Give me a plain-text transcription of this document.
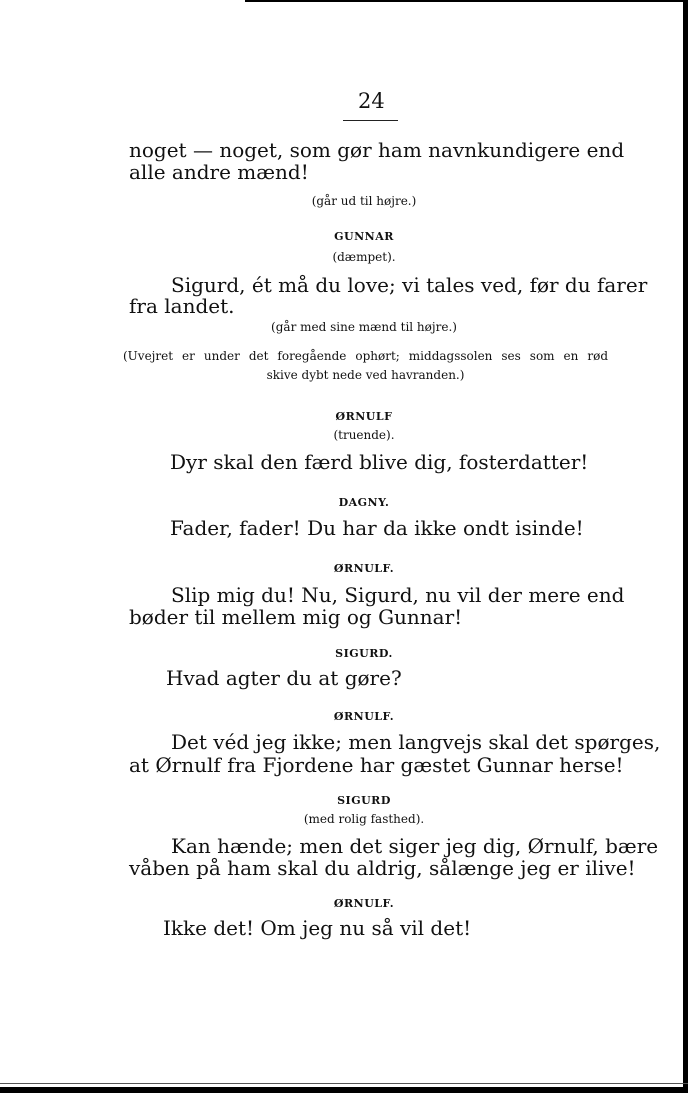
24

noget — noget, som gør ham navnkundigere end

alle andre mænd!

(går ud til højre.)

GUNNAR

(dæmpet).

Sigurd, ét må du love; vi tales ved, før du farer

fra landet.

(går med sine mænd til højre.)

(Uvejret er under det foregående ophørt; middagssolen ses som en rød

skive dybt nede ved havranden.)

ØRNULF

(truende).

Dyr skal den færd blive dig, fosterdatter!

DAGNY.

Fader, fader! Du har da ikke ondt isinde!

ØRNULF.

Slip mig du! Nu, Sigurd, nu vil der mere end

bøder til mellem mig og Gunnar!

SIGURD.

Hvad agter du at gøre?

ØRNULF.

Det véd jeg ikke; men langvejs skal det spørges,

at Ørnulf fra Fjordene har gæstet Gunnar herse!

SIGURD

(med rolig fasthed).

Kan hænde; men det siger jeg dig, Ørnulf, bære

våben på ham skal du aldrig, sålænge jeg er ilive!

ØRNULF.

Ikke det! Om jeg nu så vil det!
